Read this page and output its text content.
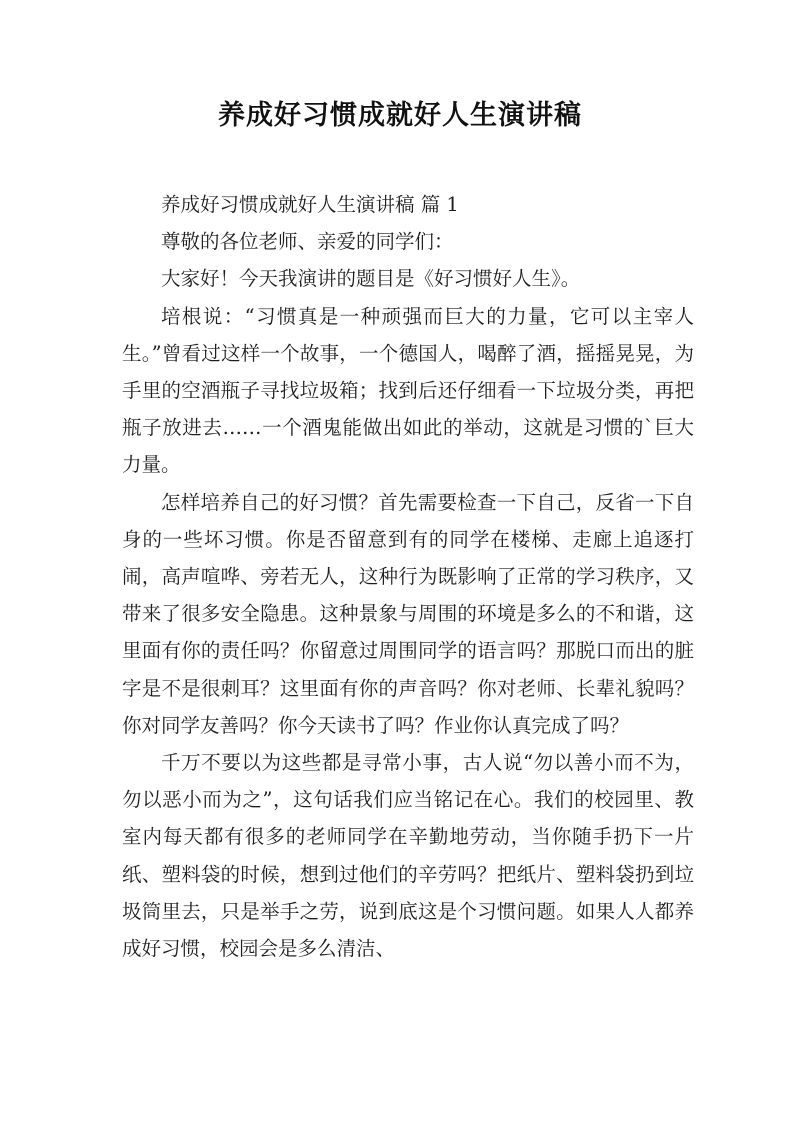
养成好习惯成就好人生演讲稿

养成好习惯成就好人生演讲稿 篇 1

尊敬的各位老师、亲爱的同学们：

大家好！今天我演讲的题目是《好习惯好人生》。

培根说：“习惯真是一种顽强而巨大的力量，它可以主宰人生。”曾看过这样一个故事，一个德国人，喝醉了酒，摇摇晃晃，为手里的空酒瓶子寻找垃圾箱；找到后还仔细看一下垃圾分类，再把瓶子放进去……一个酒鬼能做出如此的举动，这就是习惯的`巨大力量。

怎样培养自己的好习惯？首先需要检查一下自己，反省一下自身的一些坏习惯。你是否留意到有的同学在楼梯、走廊上追逐打闹，高声喧哗、旁若无人，这种行为既影响了正常的学习秩序，又带来了很多安全隐患。这种景象与周围的环境是多么的不和谐，这里面有你的责任吗？你留意过周围同学的语言吗？那脱口而出的脏字是不是很刺耳？这里面有你的声音吗？你对老师、长辈礼貌吗？你对同学友善吗？你今天读书了吗？作业你认真完成了吗？

千万不要以为这些都是寻常小事，古人说“勿以善小而不为，勿以恶小而为之”，这句话我们应当铭记在心。我们的校园里、教室内每天都有很多的老师同学在辛勤地劳动，当你随手扔下一片纸、塑料袋的时候，想到过他们的辛劳吗？把纸片、塑料袋扔到垃圾筒里去，只是举手之劳，说到底这是个习惯问题。如果人人都养成好习惯，校园会是多么清洁、
